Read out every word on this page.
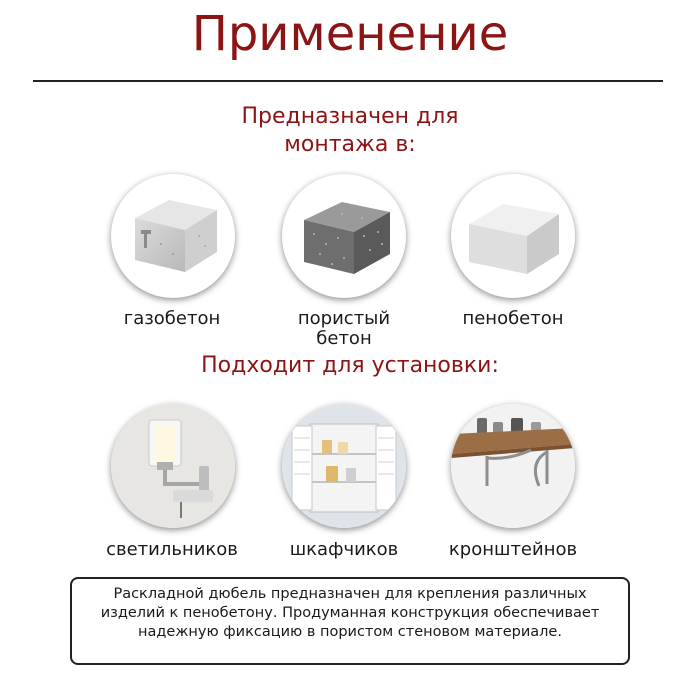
Применение
Предназначен для
монтажа в:
газобетон	пористый
бетон
пенобетон
Подходит для установки:
светильников	шкафчиков	кронштейнов
Раскладной дюбель предназначен для крепления различных изделий к пенобетону. Продуманная конструкция обеспечивает надежную фиксацию в пористом стеновом материале.
